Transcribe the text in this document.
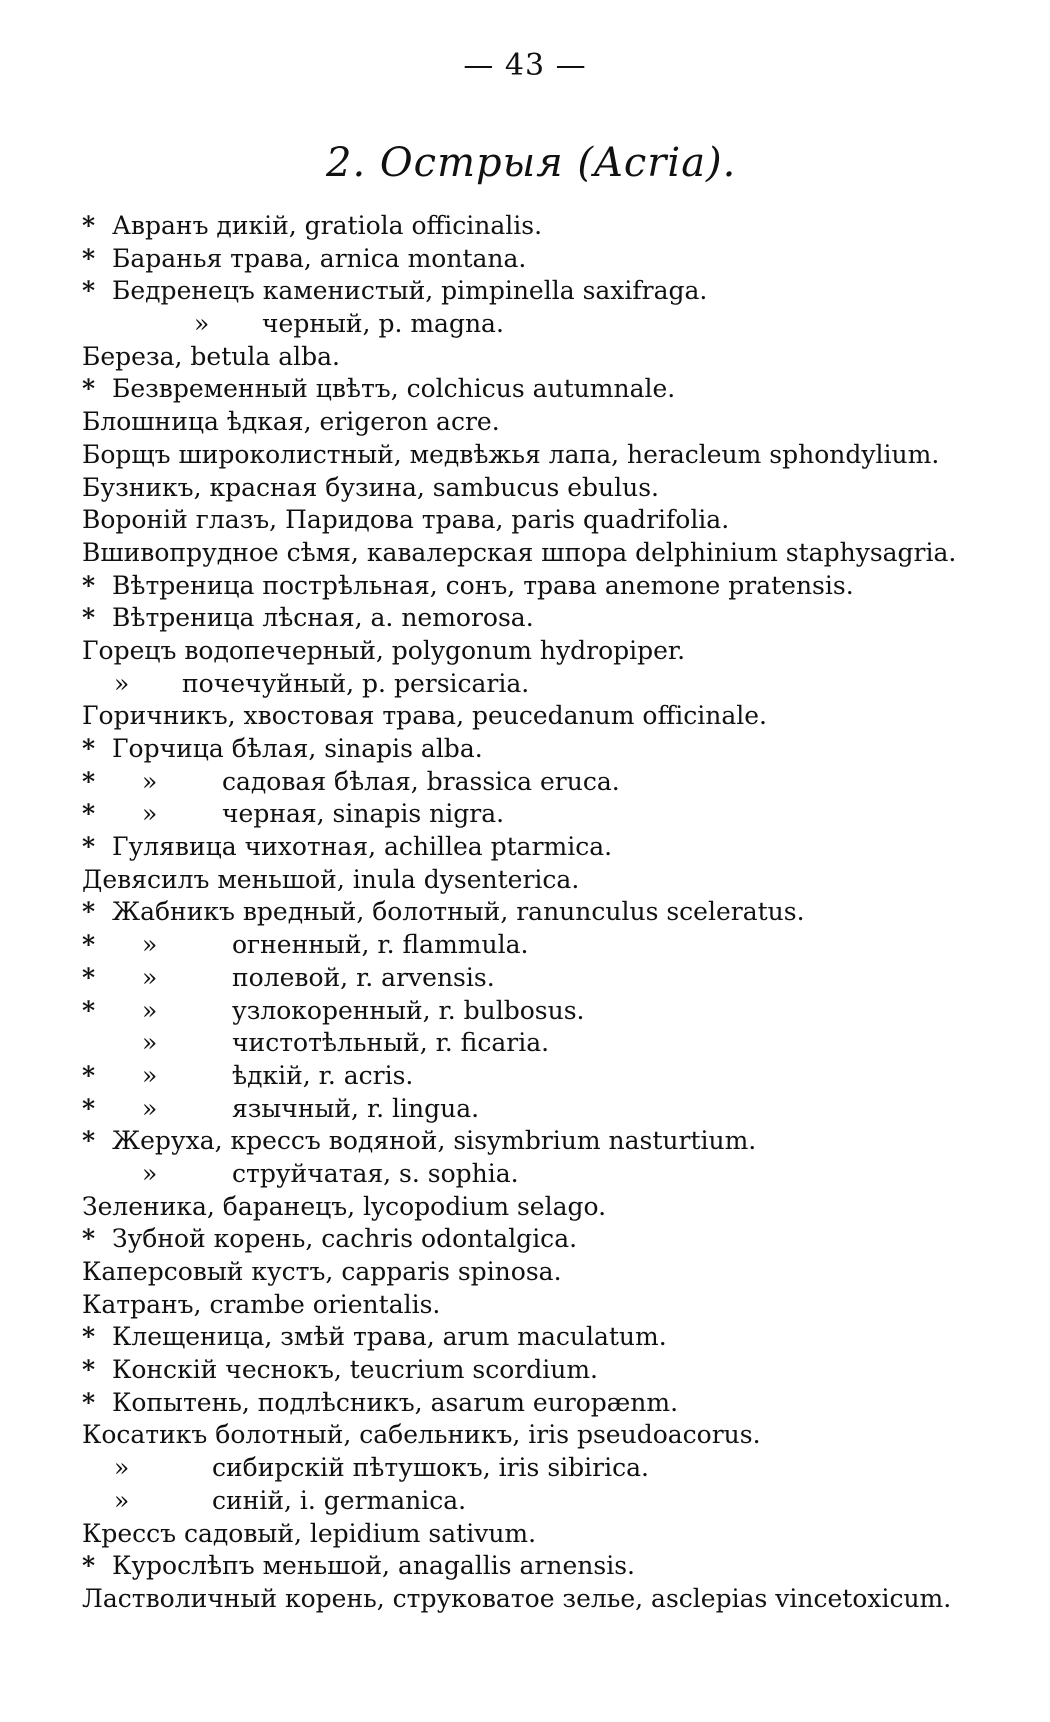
— 43 —
2. Острыя (Acria).
* Авранъ дикій, gratiola officinalis.
* Баранья трава, arnica montana.
* Бедренецъ каменистый, pimpinella saxifraga.
» черный, p. magna.
Береза, betula alba.
* Безвременный цвѣтъ, colchicus autumnale.
Блошница ѣдкая, erigeron acre.
Борщъ широколистный, медвѣжья лапа, heracleum sphondylium.
Бузникъ, красная бузина, sambucus ebulus.
Вороній глазъ, Паридова трава, paris quadrifolia.
Вшивопрудное сѣмя, кавалерская шпора delphinium staphysagria.
* Вѣтреница пострѣльная, сонъ, трава anemone pratensis.
* Вѣтреница лѣсная, a. nemorosa.
Горецъ водопечерный, polygonum hydropiper.
» почечуйный, p. persicaria.
Горичникъ, хвостовая трава, peucedanum officinale.
* Горчица бѣлая, sinapis alba.
* »	садовая бѣлая, brassica eruca.
* »	черная, sinapis nigra.
* Гулявица чихотная, achillea ptarmica.
Девясилъ меньшой, inula dysenterica.
* Жабникъ вредный, болотный, ranunculus sceleratus.
* »	огненный, r. flammula.
* »	полевой, r. arvensis.
* »	узлокоренный, r. bulbosus.
»	чистотѣльный, r. ficaria.
* »	ѣдкій, r. acris.
* »	язычный, r. lingua.
* Жеруха, крессъ водяной, sisymbrium nasturtium.
»	струйчатая, s. sophia.
Зеленика, баранецъ, lycopodium selago.
* Зубной корень, cachris odontalgica.
Каперсовый кустъ, capparis spinosa.
Катранъ, crambe orientalis.
* Клещеница, змѣй трава, arum maculatum.
* Конскій чеснокъ, teucrium scordium.
* Копытень, подлѣсникъ, asarum europænm.
Косатикъ болотный, сабельникъ, iris pseudoacorus.
»	сибирскій пѣтушокъ, iris sibirica.
»	синій, i. germanica.
Крессъ садовый, lepidium sativum.
* Курослѣпъ меньшой, anagallis arnensis.
Ластволичный корень, струковатое зелье, asclepias vincetoxicum.
